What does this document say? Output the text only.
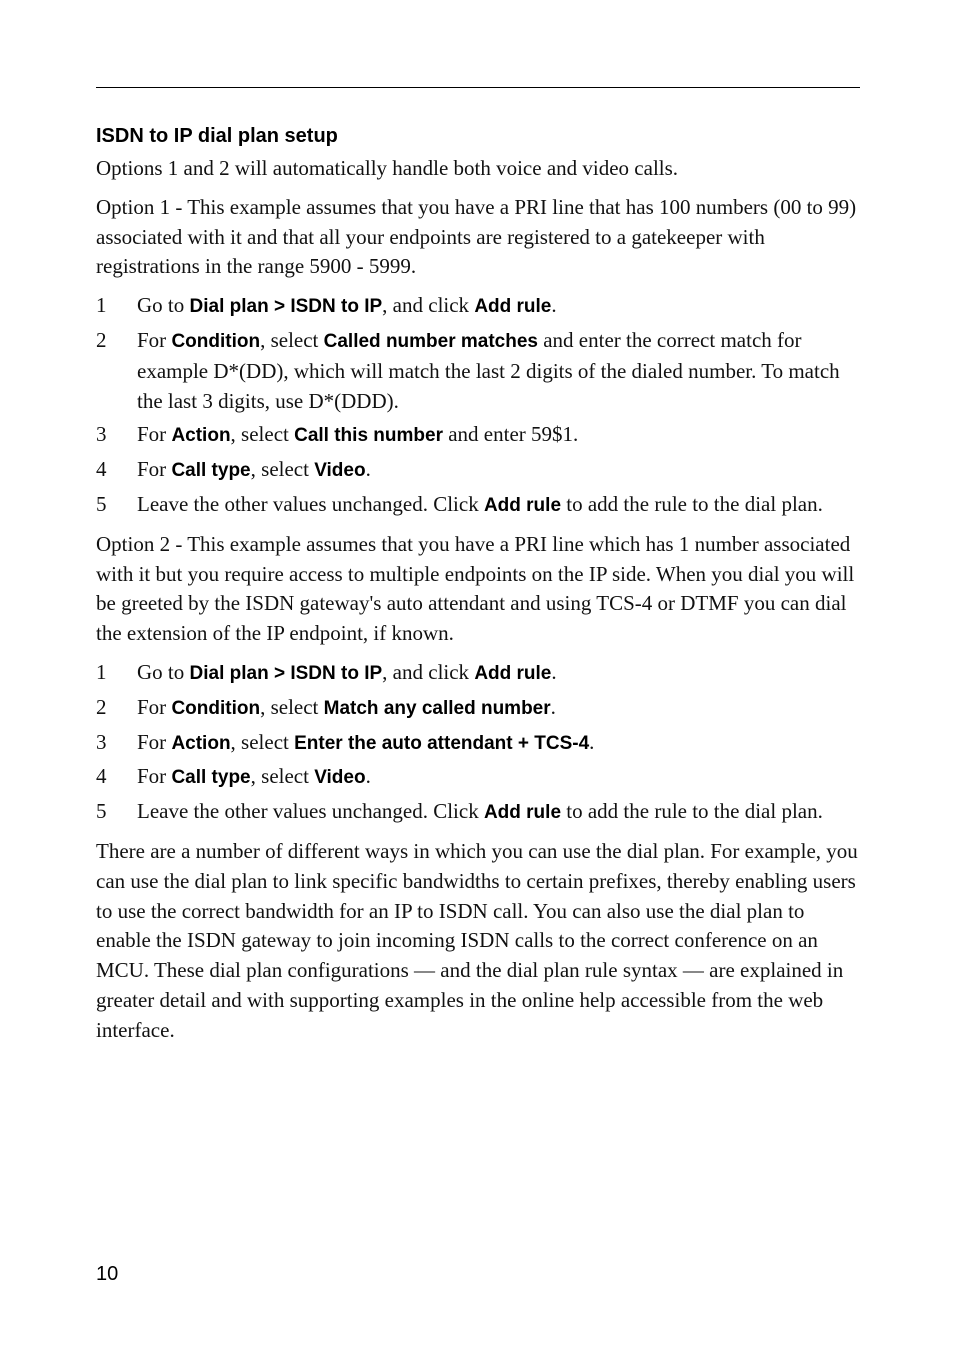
ISDN to IP dial plan setup

Options 1 and 2 will automatically handle both voice and video calls.

Option 1 - This example assumes that you have a PRI line that has 100 numbers (00 to 99) associated with it and that all your endpoints are registered to a gatekeeper with registrations in the range 5900 - 5999.

1 Go to Dial plan > ISDN to IP, and click Add rule.
2 For Condition, select Called number matches and enter the correct match for example D*(DD), which will match the last 2 digits of the dialed number. To match the last 3 digits, use D*(DDD).
3 For Action, select Call this number and enter 59$1.
4 For Call type, select Video.
5 Leave the other values unchanged. Click Add rule to add the rule to the dial plan.

Option 2 - This example assumes that you have a PRI line which has 1 number associated with it but you require access to multiple endpoints on the IP side. When you dial you will be greeted by the ISDN gateway's auto attendant and using TCS-4 or DTMF you can dial the extension of the IP endpoint, if known.

1 Go to Dial plan > ISDN to IP, and click Add rule.
2 For Condition, select Match any called number.
3 For Action, select Enter the auto attendant + TCS-4.
4 For Call type, select Video.
5 Leave the other values unchanged. Click Add rule to add the rule to the dial plan.

There are a number of different ways in which you can use the dial plan. For example, you can use the dial plan to link specific bandwidths to certain prefixes, thereby enabling users to use the correct bandwidth for an IP to ISDN call. You can also use the dial plan to enable the ISDN gateway to join incoming ISDN calls to the correct conference on an MCU. These dial plan configurations — and the dial plan rule syntax — are explained in greater detail and with supporting examples in the online help accessible from the web interface.

10
